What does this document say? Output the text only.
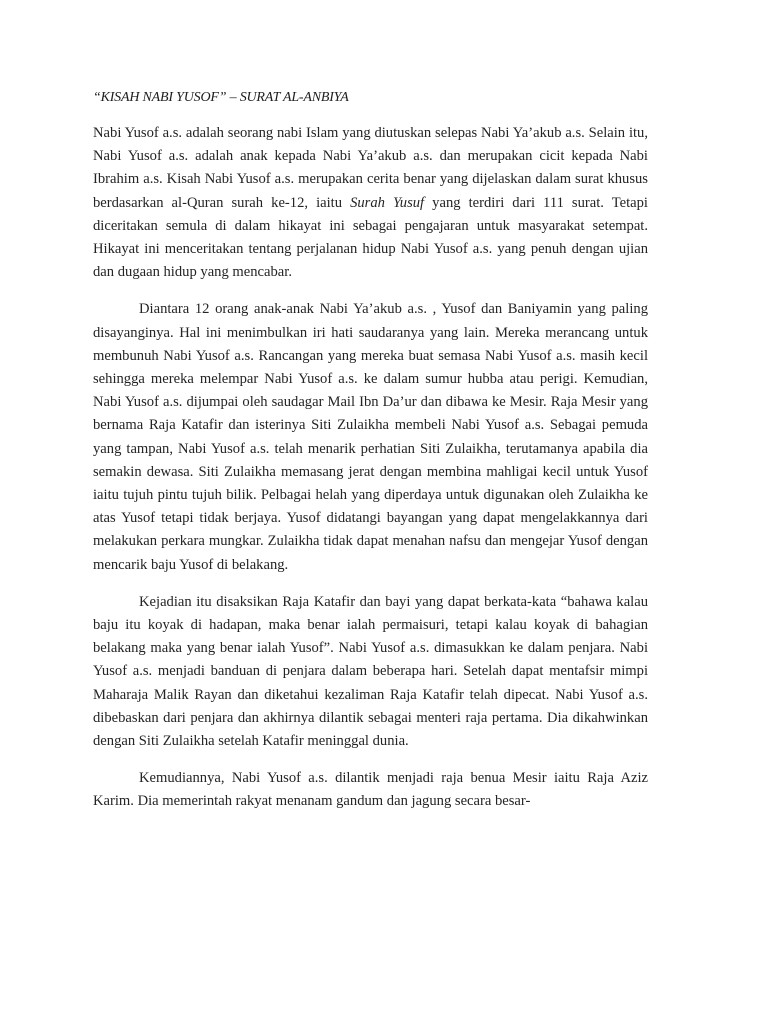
“KISAH NABI YUSOF” – SURAT AL-ANBIYA

Nabi Yusof a.s. adalah seorang nabi Islam yang diutuskan selepas Nabi Ya’akub a.s. Selain itu, Nabi Yusof a.s. adalah anak kepada Nabi Ya’akub a.s. dan merupakan cicit kepada Nabi Ibrahim a.s. Kisah Nabi Yusof a.s. merupakan cerita benar yang dijelaskan dalam surat khusus berdasarkan al-Quran surah ke-12, iaitu Surah Yusuf yang terdiri dari 111 surat. Tetapi diceritakan semula di dalam hikayat ini sebagai pengajaran untuk masyarakat setempat. Hikayat ini menceritakan tentang perjalanan hidup Nabi Yusof a.s. yang penuh dengan ujian dan dugaan hidup yang mencabar.

Diantara 12 orang anak-anak Nabi Ya’akub a.s. , Yusof dan Baniyamin yang paling disayanginya. Hal ini menimbulkan iri hati saudaranya yang lain. Mereka merancang untuk membunuh Nabi Yusof a.s. Rancangan yang mereka buat semasa Nabi Yusof a.s. masih kecil sehingga mereka melempar Nabi Yusof a.s. ke dalam sumur hubba atau perigi. Kemudian, Nabi Yusof a.s. dijumpai oleh saudagar Mail Ibn Da’ur dan dibawa ke Mesir. Raja Mesir yang bernama Raja Katafir dan isterinya Siti Zulaikha membeli Nabi Yusof a.s. Sebagai pemuda yang tampan, Nabi Yusof a.s. telah menarik perhatian Siti Zulaikha, terutamanya apabila dia semakin dewasa. Siti Zulaikha memasang jerat dengan membina mahligai kecil untuk Yusof iaitu tujuh pintu tujuh bilik. Pelbagai helah yang diperdaya untuk digunakan oleh Zulaikha ke atas Yusof tetapi tidak berjaya. Yusof didatangi bayangan yang dapat mengelakkannya dari melakukan perkara mungkar. Zulaikha tidak dapat menahan nafsu dan mengejar Yusof dengan mencarik baju Yusof di belakang.

Kejadian itu disaksikan Raja Katafir dan bayi yang dapat berkata-kata “bahawa kalau baju itu koyak di hadapan, maka benar ialah permaisuri, tetapi kalau koyak di bahagian belakang maka yang benar ialah Yusof”. Nabi Yusof a.s. dimasukkan ke dalam penjara. Nabi Yusof a.s. menjadi banduan di penjara dalam beberapa hari. Setelah dapat mentafsir mimpi Maharaja Malik Rayan dan diketahui kezaliman Raja Katafir telah dipecat. Nabi Yusof a.s. dibebaskan dari penjara dan akhirnya dilantik sebagai menteri raja pertama. Dia dikahwinkan dengan Siti Zulaikha setelah Katafir meninggal dunia.

Kemudiannya, Nabi Yusof a.s. dilantik menjadi raja benua Mesir iaitu Raja Aziz Karim. Dia memerintah rakyat menanam gandum dan jagung secara besar-
